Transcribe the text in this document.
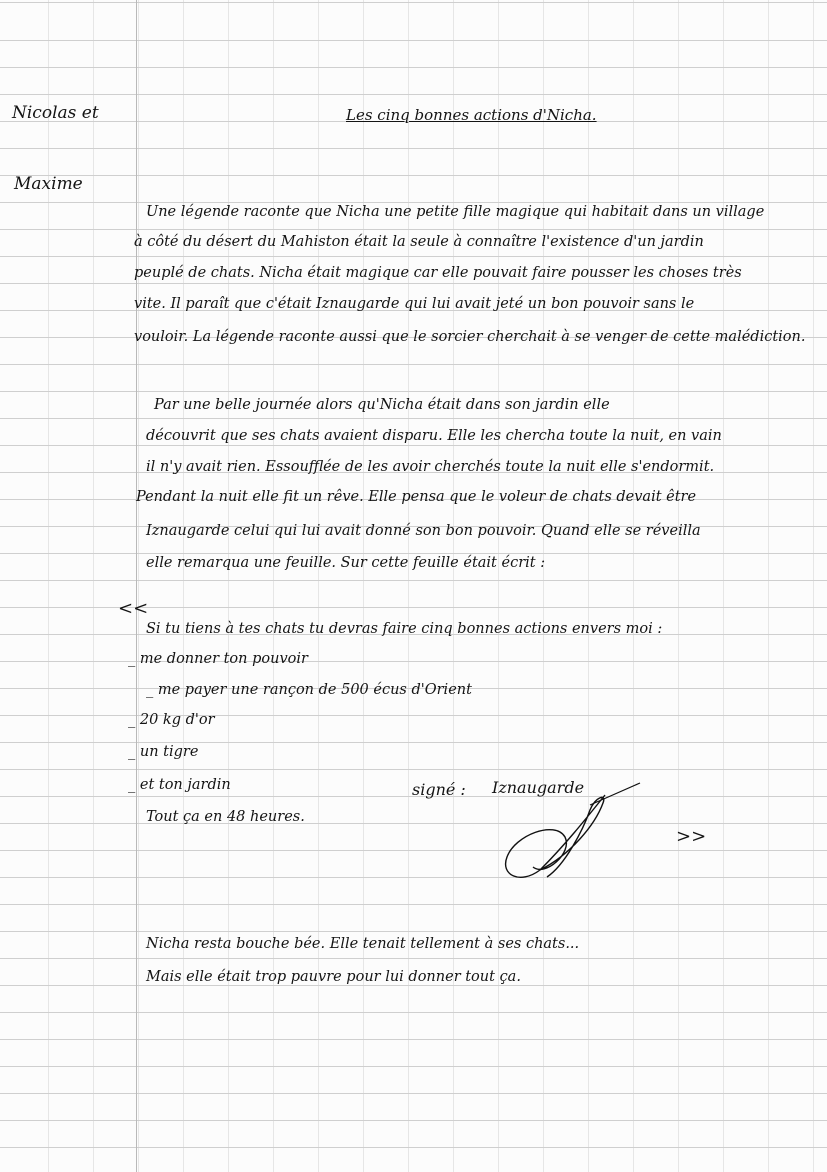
Nicolas et
Maxime
Les cinq bonnes actions d'Nicha.
Une légende raconte que Nicha une petite fille magique qui habitait dans un village
à côté du désert du Mahiston était la seule à connaître l'existence d'un jardin
peuplé de chats. Nicha était magique car elle pouvait faire pousser les choses très
vite. Il paraît que c'était Iznaugarde qui lui avait jeté un bon pouvoir sans le
vouloir. La légende raconte aussi que le sorcier cherchait à se venger de cette malédiction.
Par une belle journée alors qu'Nicha était dans son jardin elle
découvrit que ses chats avaient disparu. Elle les chercha toute la nuit, en vain
il n'y avait rien. Essoufflée de les avoir cherchés toute la nuit elle s'endormit.
Pendant la nuit elle fit un rêve. Elle pensa que le voleur de chats devait être
Iznaugarde celui qui lui avait donné son bon pouvoir. Quand elle se réveilla
elle remarqua une feuille. Sur cette feuille était écrit :
<<
Si tu tiens à tes chats tu devras faire cinq bonnes actions envers moi :
_ me donner ton pouvoir
_ me payer une rançon de 500 écus d'Orient
_ 20 kg d'or
_ un tigre
_ et ton jardin
Tout ça en 48 heures.
signé : Iznaugarde
>>
Nicha resta bouche bée. Elle tenait tellement à ses chats...
Mais elle était trop pauvre pour lui donner tout ça.
